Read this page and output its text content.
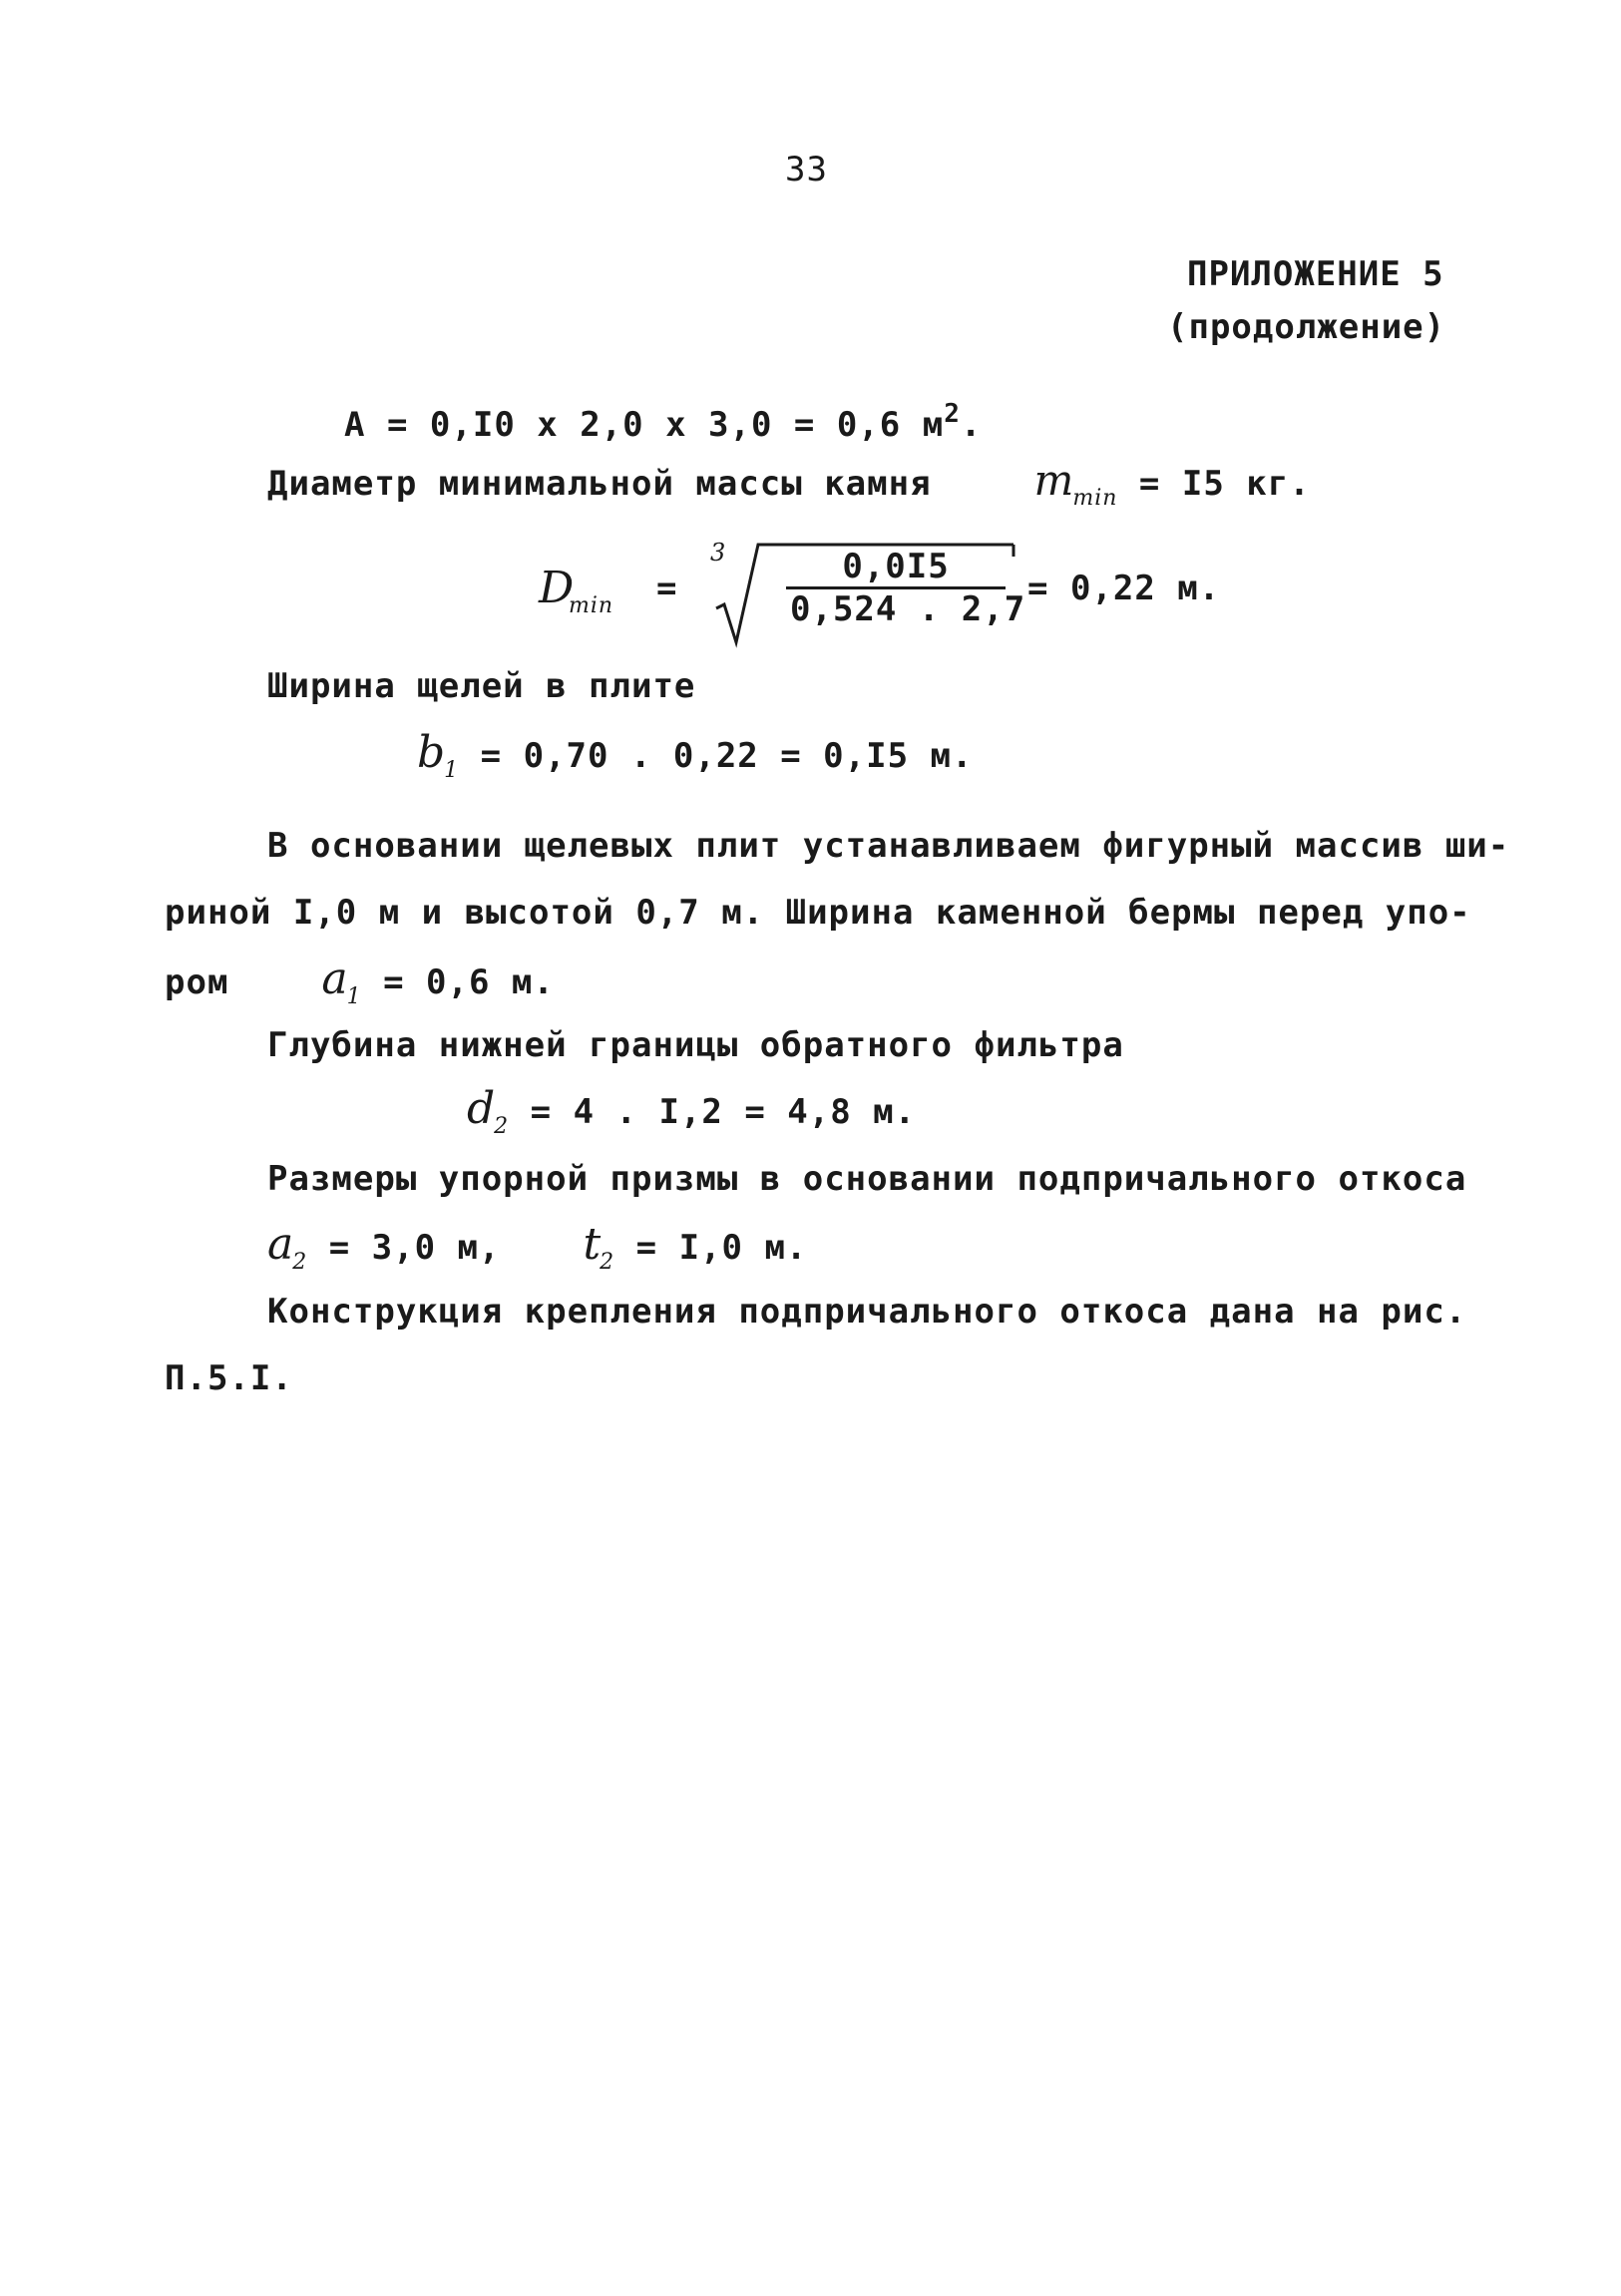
33
ПРИЛОЖЕНИЕ 5
(продолжение)
A = 0,I0 x 2,0 x 3,0 = 0,6 $м^2$.
Диаметр минимальной массы камня $m_{min} = I5$ кг.
D
min =
$3 \frac{0,0I5}{0,524 . 2,7}$
= 0,22 м.
Ширина щелей в плите
$b_1 = 0,70$ . 0,22 = 0,I5 м.
В основании щелевых плит устанавливаем фигурный массив ши-
риной I,0 м и высотой 0,7 м. Ширина каменной бермы перед упо-
ром $a_1 = 0,6$ м.
Глубина нижней границы обратного фильтра
$d_2 = 4$ . I,2 = 4,8 м.
Размеры упорной призмы в основании подпричального откоса
$a_2 = 3,0$ м, $t_2 = I,0$ м.
Конструкция крепления подпричального откоса дана на рис.
П.5.I.
